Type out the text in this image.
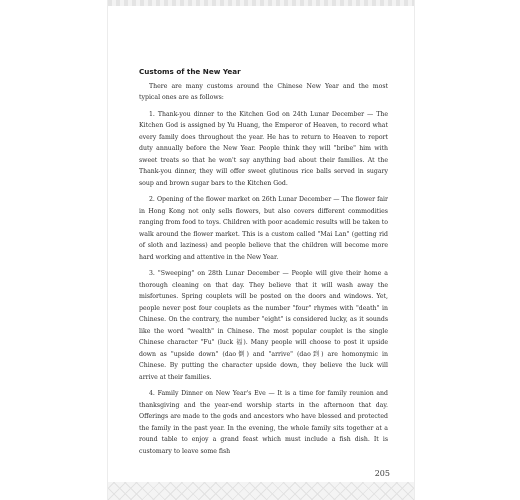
Customs of the New Year

There are many customs around the Chinese New Year and the most typical ones are as follows:

1. Thank-you dinner to the Kitchen God on 24th Lunar December — The Kitchen God is assigned by Yu Huang, the Emperor of Heaven, to record what every family does throughout the year. He has to return to Heaven to report duty annually before the New Year. People think they will "bribe" him with sweet treats so that he won't say anything bad about their families. At the Thank-you dinner, they will offer sweet glutinous rice balls served in sugary soup and brown sugar bars to the Kitchen God.

2. Opening of the flower market on 26th Lunar December — The flower fair in Hong Kong not only sells flowers, but also covers different commodities ranging from food to toys. Children with poor academic results will be taken to walk around the flower market. This is a custom called "Mai Lan" (getting rid of sloth and laziness) and people believe that the children will become more hard working and attentive in the New Year.

3. "Sweeping" on 28th Lunar December — People will give their home a thorough cleaning on that day. They believe that it will wash away the misfortunes. Spring couplets will be posted on the doors and windows. Yet, people never post four couplets as the number "four" rhymes with "death" in Chinese. On the contrary, the number "eight" is considered lucky, as it sounds like the word "wealth" in Chinese. The most popular couplet is the single Chinese character "Fu" (luck 福). Many people will choose to post it upside down as "upside down" (dao倒) and "arrive" (dao到) are homonymic in Chinese. By putting the character upside down, they believe the luck will arrive at their families.

4. Family Dinner on New Year's Eve — It is a time for family reunion and thanksgiving and the year-end worship starts in the afternoon that day. Offerings are made to the gods and ancestors who have blessed and protected the family in the past year. In the evening, the whole family sits together at a round table to enjoy a grand feast which must include a fish dish. It is customary to leave some fish

205
